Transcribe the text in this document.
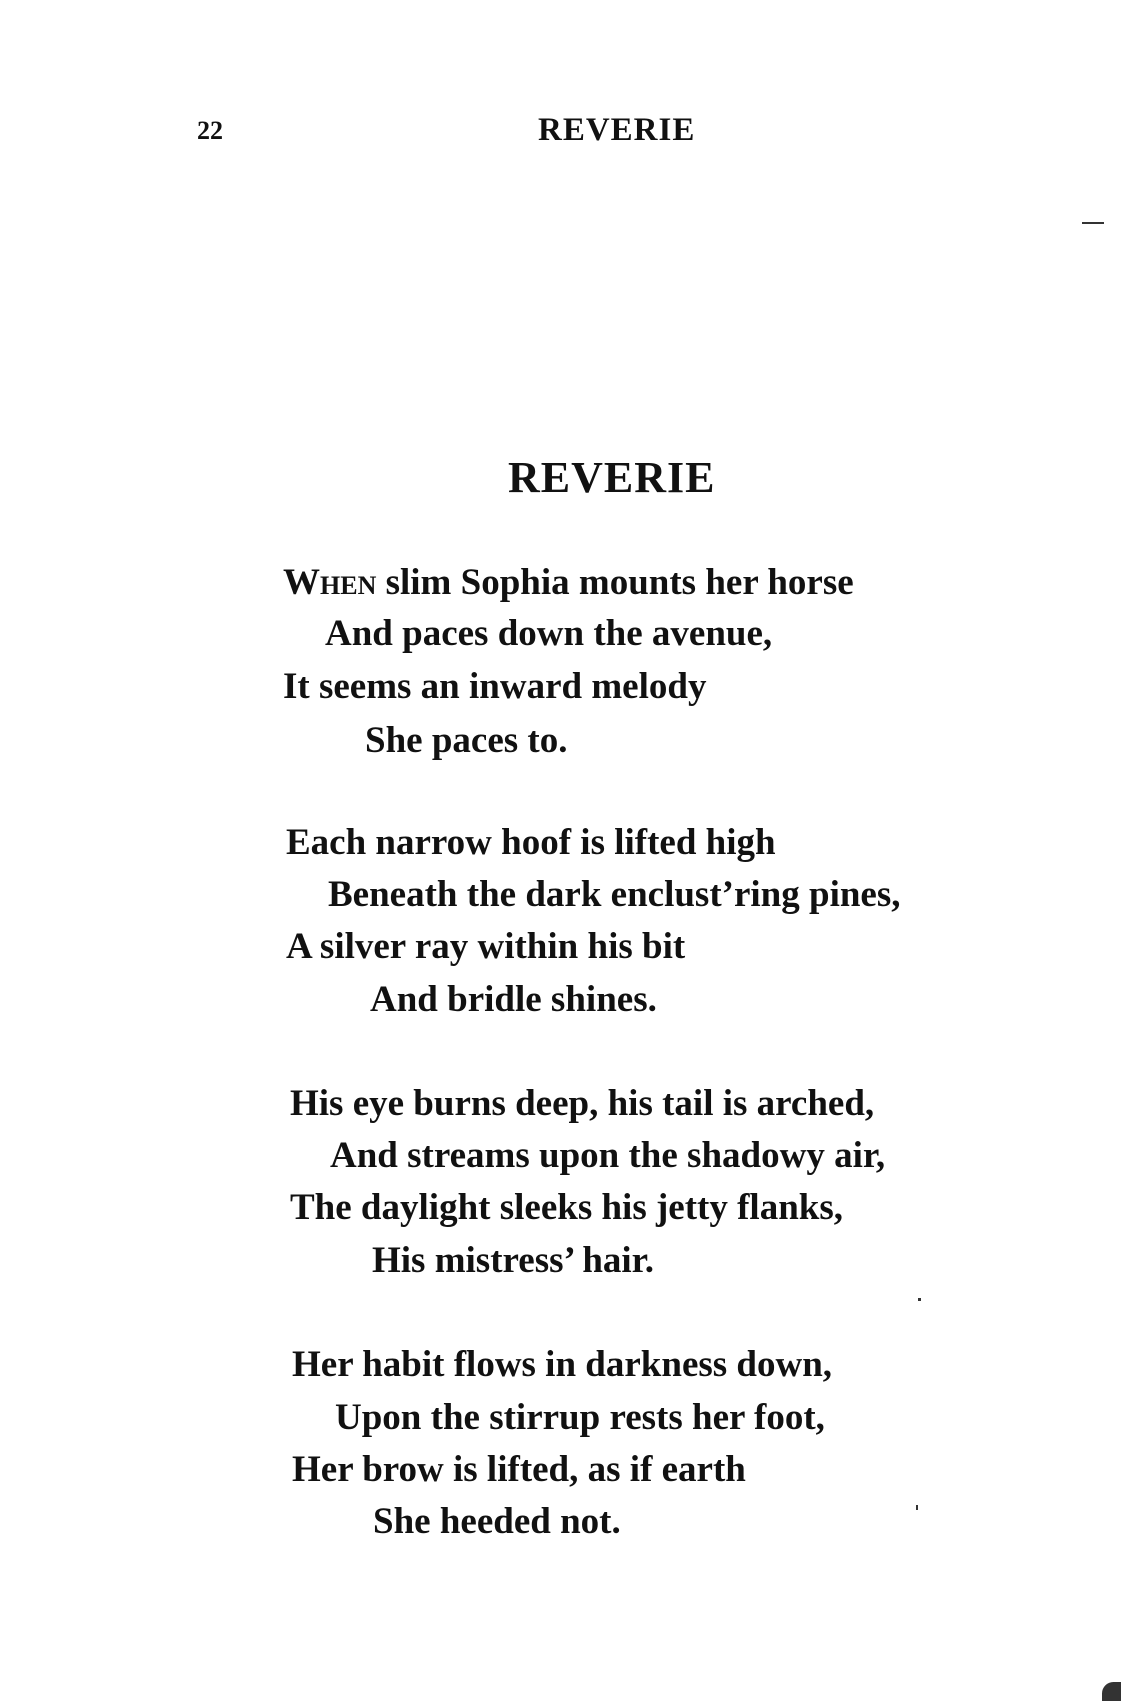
22	REVERIE
REVERIE
When slim Sophia mounts her horse
And paces down the avenue,
It seems an inward melody
She paces to.
Each narrow hoof is lifted high
Beneath the dark enclust’ring pines,
A silver ray within his bit
And bridle shines.
His eye burns deep, his tail is arched,
And streams upon the shadowy air,
The daylight sleeks his jetty flanks,
His mistress’ hair.
Her habit flows in darkness down,
Upon the stirrup rests her foot,
Her brow is lifted, as if earth
She heeded not.
